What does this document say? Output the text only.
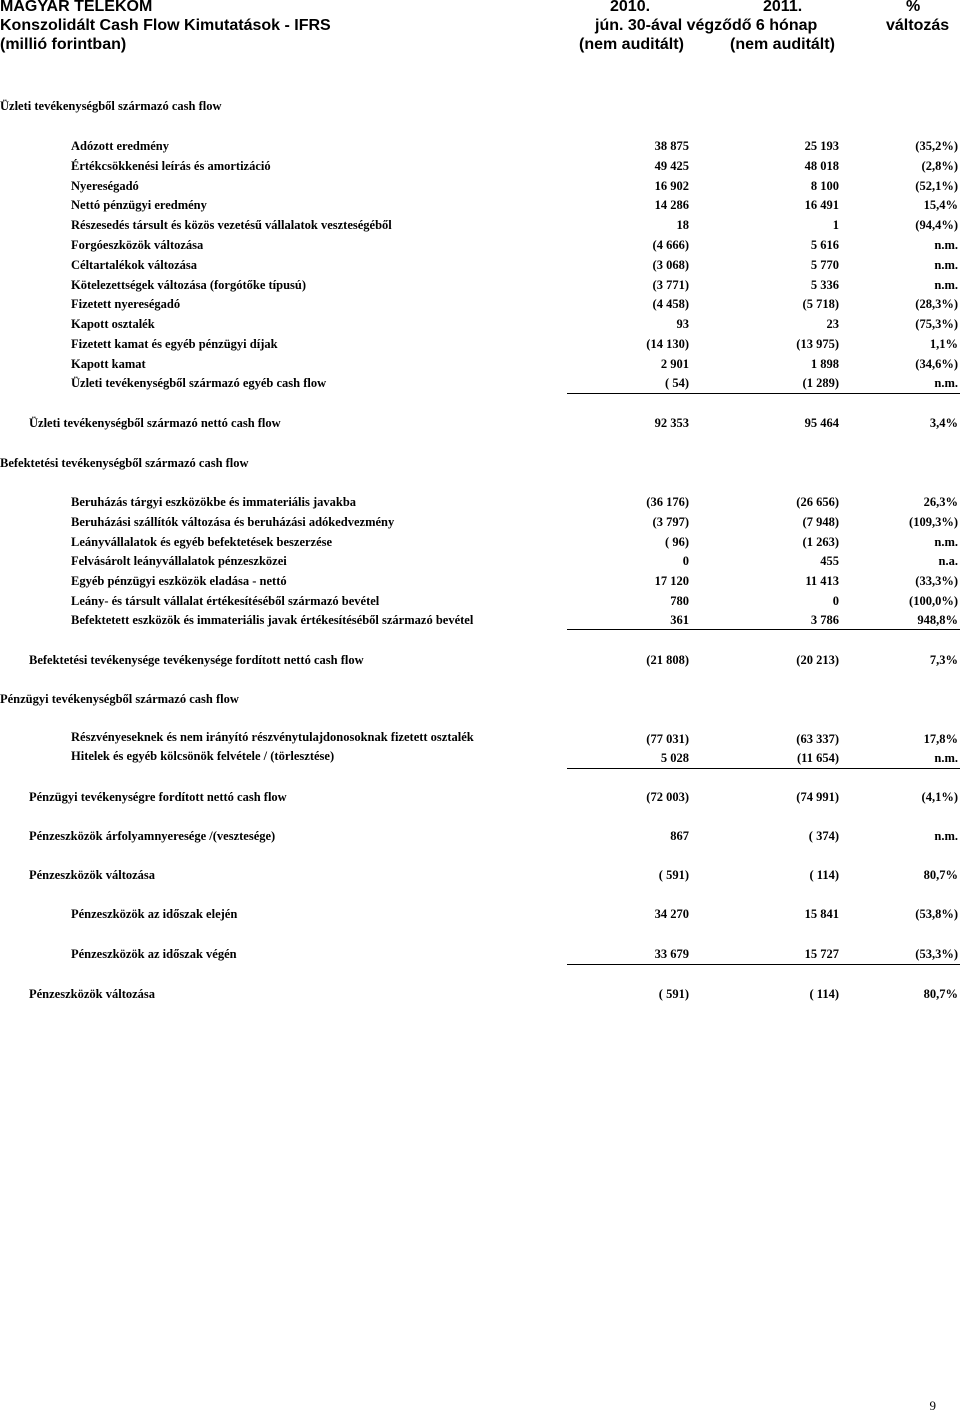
MAGYAR TELEKOM
Konszolidált Cash Flow Kimutatások - IFRS
(millió forintban)
2010.	2011.	%
jún. 30-ával végződő 6 hónap	változás
(nem auditált)	(nem auditált)
Üzleti tevékenységből származó cash flow
Adózott eredmény	38 875	25 193	(35,2%)
Értékcsökkenési leírás és amortizáció	49 425	48 018	(2,8%)
Nyereségadó	16 902	8 100	(52,1%)
Nettó pénzügyi eredmény	14 286	16 491	15,4%
Részesedés társult és közös vezetésű vállalatok veszteségéből	18	1	(94,4%)
Forgóeszközök változása	(4 666)	5 616	n.m.
Céltartalékok változása	(3 068)	5 770	n.m.
Kötelezettségek változása (forgótőke típusú)	(3 771)	5 336	n.m.
Fizetett nyereségadó	(4 458)	(5 718)	(28,3%)
Kapott osztalék	93	23	(75,3%)
Fizetett kamat és egyéb pénzügyi díjak	(14 130)	(13 975)	1,1%
Kapott kamat	2 901	1 898	(34,6%)
Üzleti tevékenységből származó egyéb cash flow	( 54)	(1 289)	n.m.
Üzleti tevékenységből származó nettó cash flow	92 353	95 464	3,4%
Befektetési tevékenységből származó cash flow
Beruházás tárgyi eszközökbe és immateriális javakba	(36 176)	(26 656)	26,3%
Beruházási szállítók változása és beruházási adókedvezmény	(3 797)	(7 948)	(109,3%)
Leányvállalatok és egyéb befektetések beszerzése	( 96)	(1 263)	n.m.
Felvásárolt leányvállalatok pénzeszközei	0	455	n.a.
Egyéb pénzügyi eszközök eladása - nettó	17 120	11 413	(33,3%)
Leány- és társult vállalat értékesítéséből származó bevétel	780	0	(100,0%)
Befektetett eszközök és immateriális javak értékesítéséből származó bevétel	361	3 786	948,8%
Befektetési tevékenysége tevékenysége fordított nettó cash flow	(21 808)	(20 213)	7,3%
Pénzügyi tevékenységből származó cash flow
Részvényeseknek és nem irányító részvénytulajdonosoknak fizetett osztalék	(77 031)	(63 337)	17,8%
Hitelek és egyéb kölcsönök felvétele / (törlesztése)	5 028	(11 654)	n.m.
Pénzügyi tevékenységre fordított nettó cash flow	(72 003)	(74 991)	(4,1%)
Pénzeszközök árfolyamnyeresége /(vesztesége)	867	( 374)	n.m.
Pénzeszközök változása	( 591)	( 114)	80,7%
Pénzeszközök az időszak elején	34 270	15 841	(53,8%)
Pénzeszközök az időszak végén	33 679	15 727	(53,3%)
Pénzeszközök változása	( 591)	( 114)	80,7%
9
